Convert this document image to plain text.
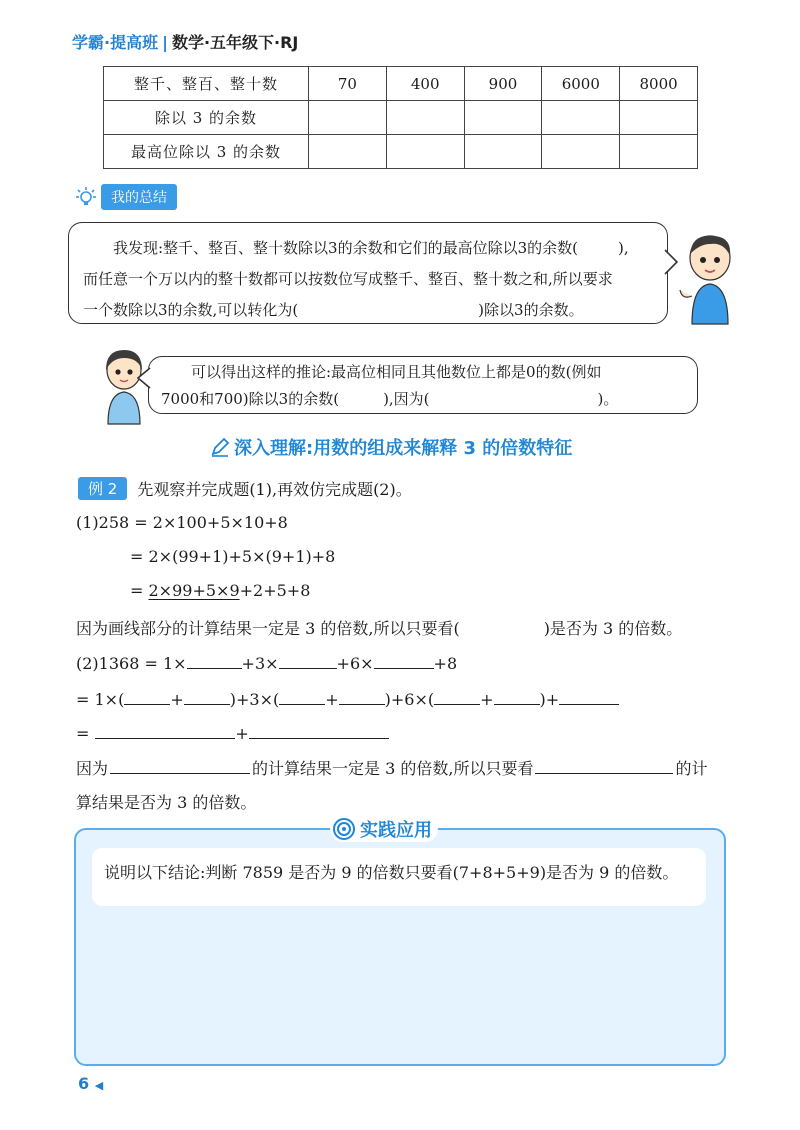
学霸·提高班 | 数学·五年级下·RJ
整千、整百、整十数	70	400	900	6000	8000
除以 3 的余数					
最高位除以 3 的余数					
我的总结
我发现:整千、整百、整十数除以3的余数和它们的最高位除以3的余数(	),
而任意一个万以内的整十数都可以按数位写成整千、整百、整十数之和,所以要求
一个数除以3的余数,可以转化为(	)除以3的余数。
可以得出这样的推论:最高位相同且其他数位上都是0的数(例如
7000和700)除以3的余数(	),因为(	)。
深入理解:用数的组成来解释 3 的倍数特征
例 2	先观察并完成题(1),再效仿完成题(2)。
(1)258 = 2×100+5×10+8
= 2×(99+1)+5×(9+1)+8
= 2×99+5×9+2+5+8
因为画线部分的计算结果一定是 3 的倍数,所以只要看(	)是否为 3 的倍数。
(2)1368 = 1×	+3×	+6×	+8
= 1×(	+	)+3×(	+	)+6×(	+	)+
=	+
因为	的计算结果一定是 3 的倍数,所以只要看	的计
算结果是否为 3 的倍数。
实践应用
说明以下结论:判断 7859 是否为 9 的倍数只要看(7+8+5+9)是否为 9 的倍数。
6 ◀
